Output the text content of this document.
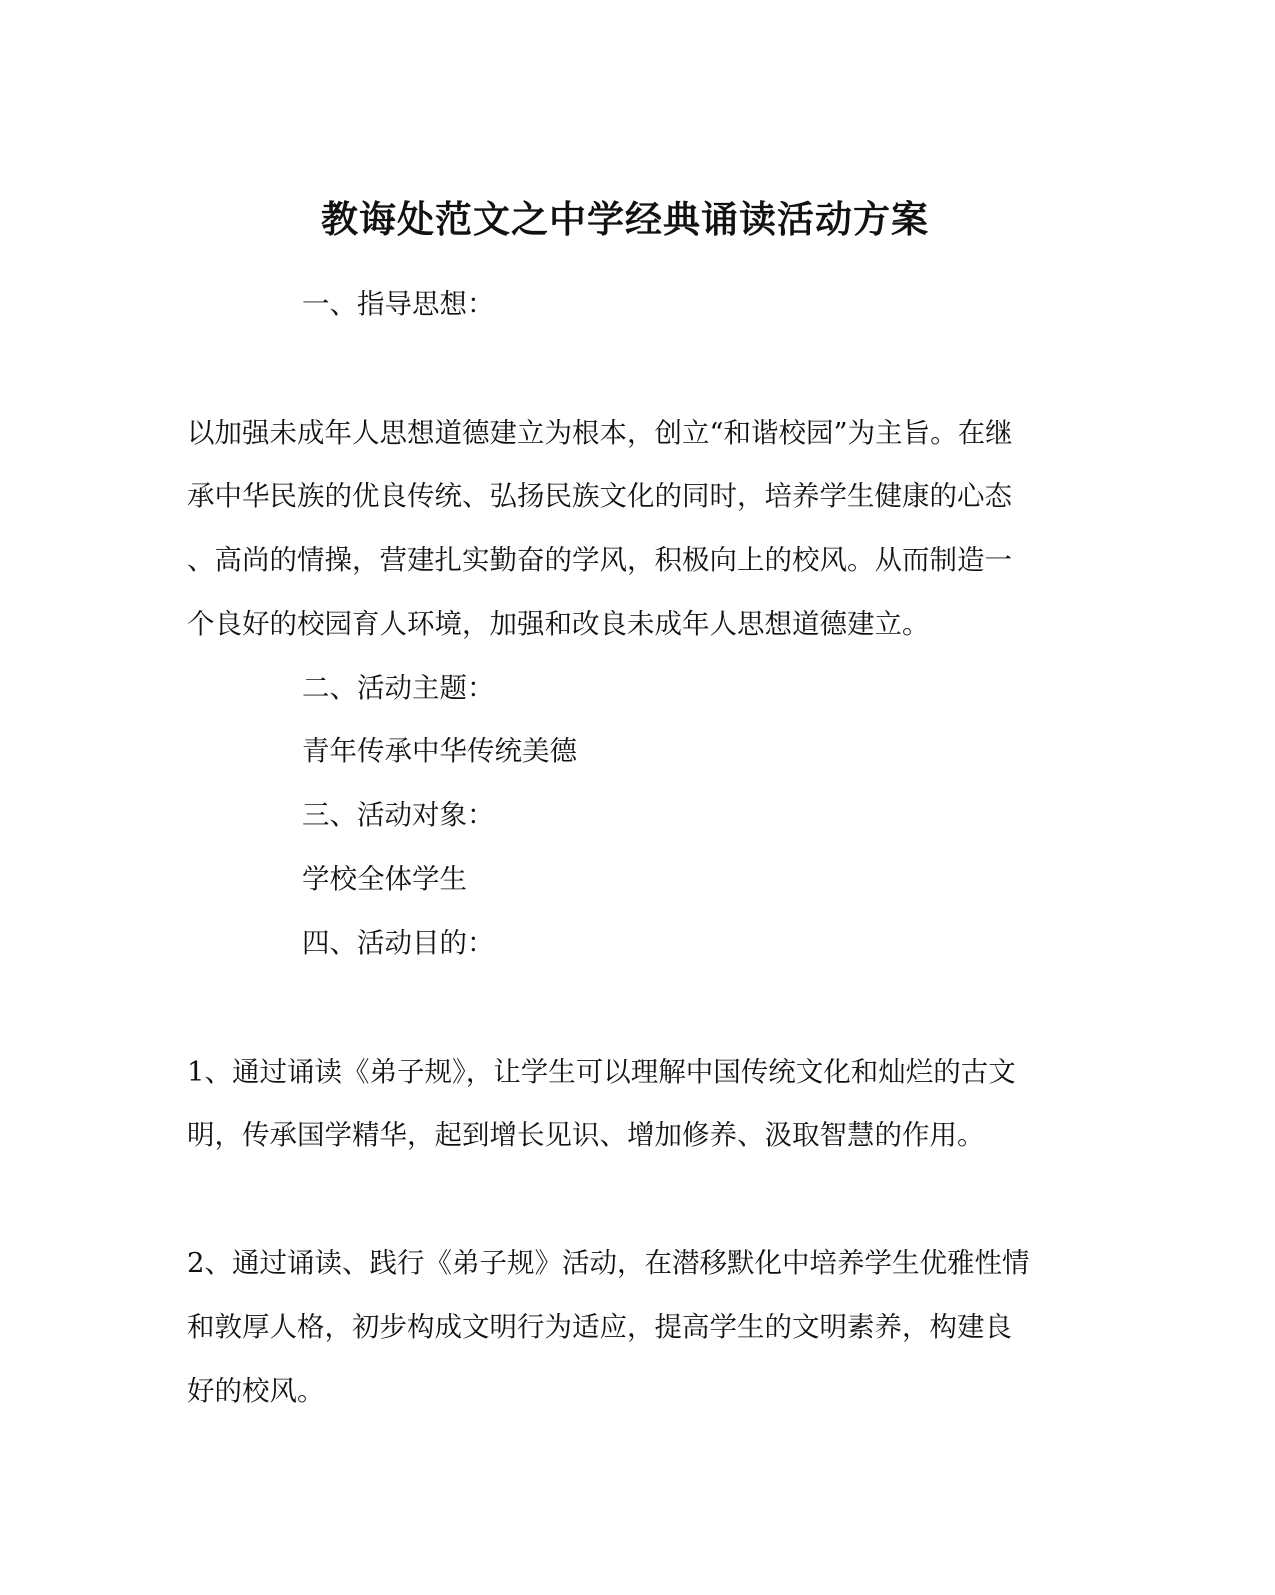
教诲处范文之中学经典诵读活动方案

一、指导思想：

以加强未成年人思想道德建立为根本，创立“和谐校园”为主旨。在继

承中华民族的优良传统、弘扬民族文化的同时，培养学生健康的心态

、高尚的情操，营建扎实勤奋的学风，积极向上的校风。从而制造一

个良好的校园育人环境，加强和改良未成年人思想道德建立。

二、活动主题：

青年传承中华传统美德

三、活动对象：

学校全体学生

四、活动目的：

1、通过诵读《弟子规》，让学生可以理解中国传统文化和灿烂的古文

明，传承国学精华，起到增长见识、增加修养、汲取智慧的作用。

2、通过诵读、践行《弟子规》活动，在潜移默化中培养学生优雅性情

和敦厚人格，初步构成文明行为适应，提高学生的文明素养，构建良

好的校风。
